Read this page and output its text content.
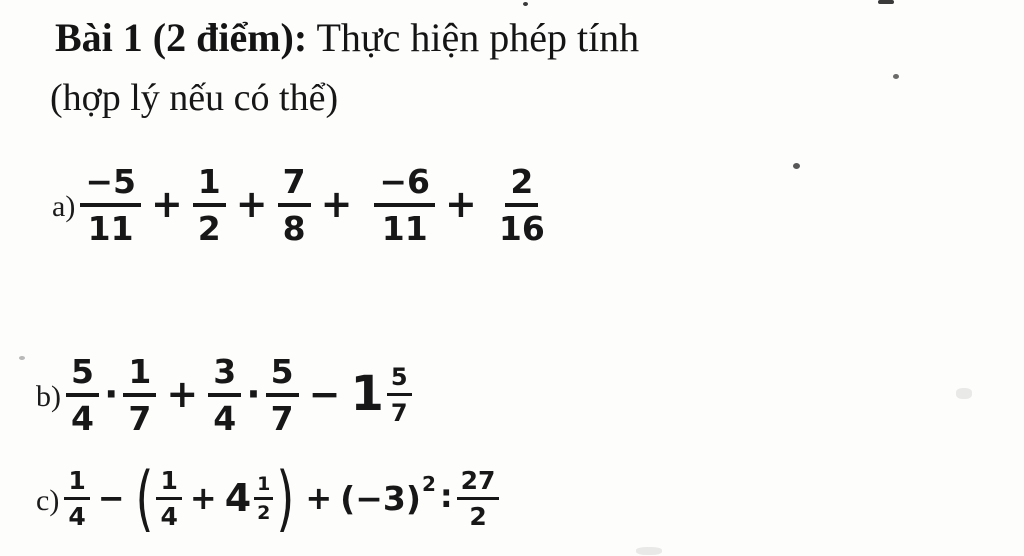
Bài 1 (2 điểm): Thực hiện phép tính
(hợp lý nếu có thể)
$a) \frac{-5}{11} + \frac{1}{2} + \frac{7}{8} + \frac{-6}{11} + \frac{2}{16}$
$b) \frac{5}{4} \cdot \frac{1}{7} + \frac{3}{4} \cdot \frac{5}{7} - 1 \frac{5}{7}$
$c) \frac{1}{4}$ − ( $\frac{1}{4} + 4 \frac{1}{2}$ ) + (−3) 2 : $\frac{27}{2}$
